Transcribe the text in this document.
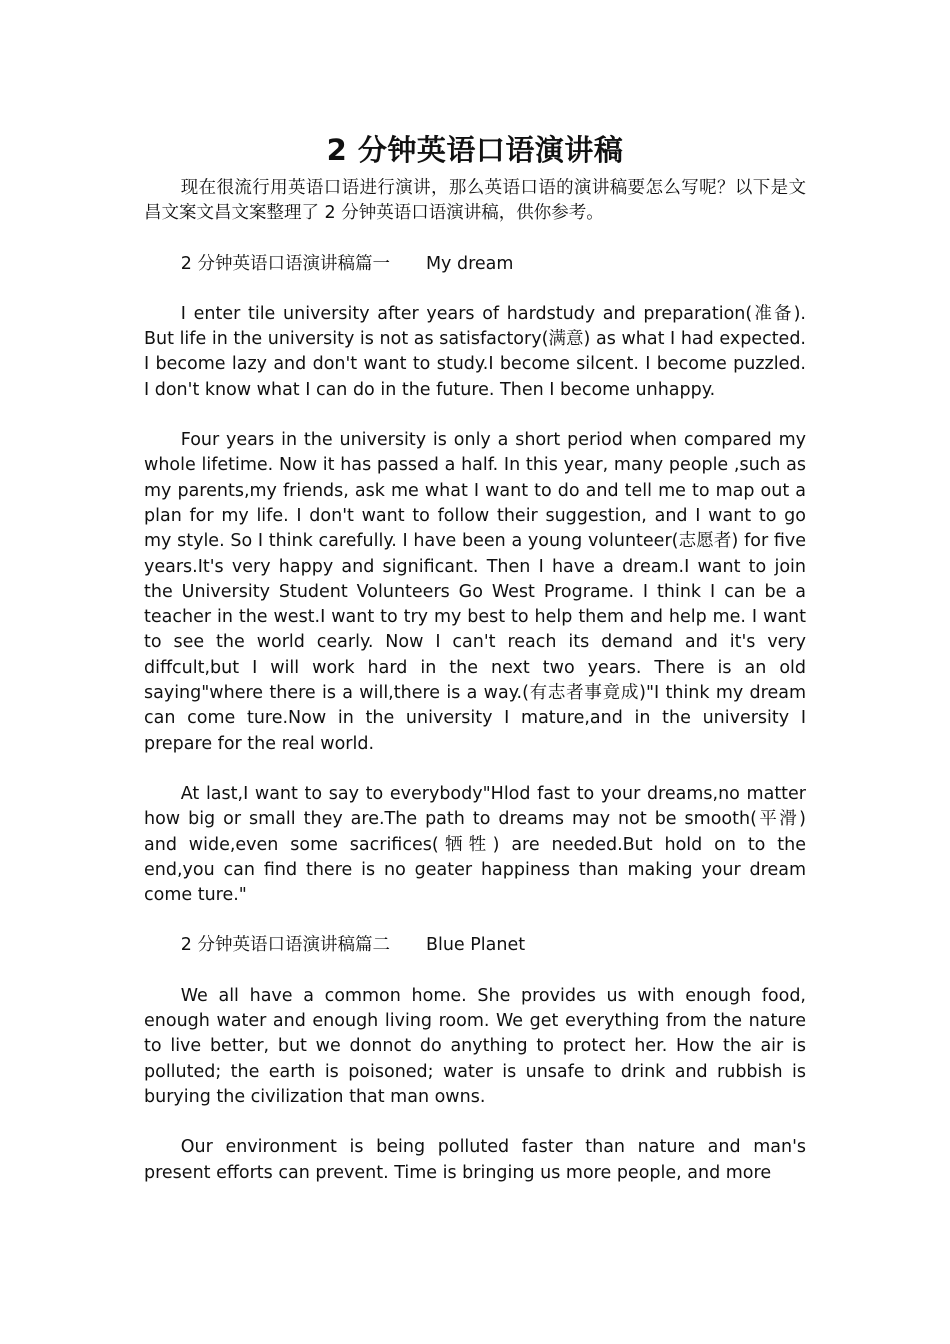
2 分钟英语口语演讲稿

现在很流行用英语口语进行演讲，那么英语口语的演讲稿要怎么写呢？以下是文昌文案文昌文案整理了 2 分钟英语口语演讲稿，供你参考。

2 分钟英语口语演讲稿篇一 My dream

I enter tile university after years of hardstudy and preparation(准备). But life in the university is not as satisfactory(满意) as what I had expected. I become lazy and don't want to study.I become silcent. I become puzzled. I don't know what I can do in the future. Then I become unhappy.

Four years in the university is only a short period when compared my whole lifetime. Now it has passed a half. In this year, many people ,such as my parents,my friends, ask me what I want to do and tell me to map out a plan for my life. I don't want to follow their suggestion, and I want to go my style. So I think carefully. I have been a young volunteer(志愿者) for five years.It's very happy and significant. Then I have a dream.I want to join the University Student Volunteers Go West Programe. I think I can be a teacher in the west.I want to try my best to help them and help me. I want to see the world cearly. Now I can't reach its demand and it's very diffcult,but I will work hard in the next two years. There is an old saying"where there is a will,there is a way.(有志者事竟成)"I think my dream can come ture.Now in the university I mature,and in the university I prepare for the real world.

At last,I want to say to everybody"Hlod fast to your dreams,no matter how big or small they are.The path to dreams may not be smooth(平滑) and wide,even some sacrifices(牺牲) are needed.But hold on to the end,you can find there is no geater happiness than making your dream come ture."

2 分钟英语口语演讲稿篇二 Blue Planet

We all have a common home. She provides us with enough food, enough water and enough living room. We get everything from the nature to live better, but we donnot do anything to protect her. How the air is polluted; the earth is poisoned; water is unsafe to drink and rubbish is burying the civilization that man owns.

Our environment is being polluted faster than nature and man's present efforts can prevent. Time is bringing us more people, and more
